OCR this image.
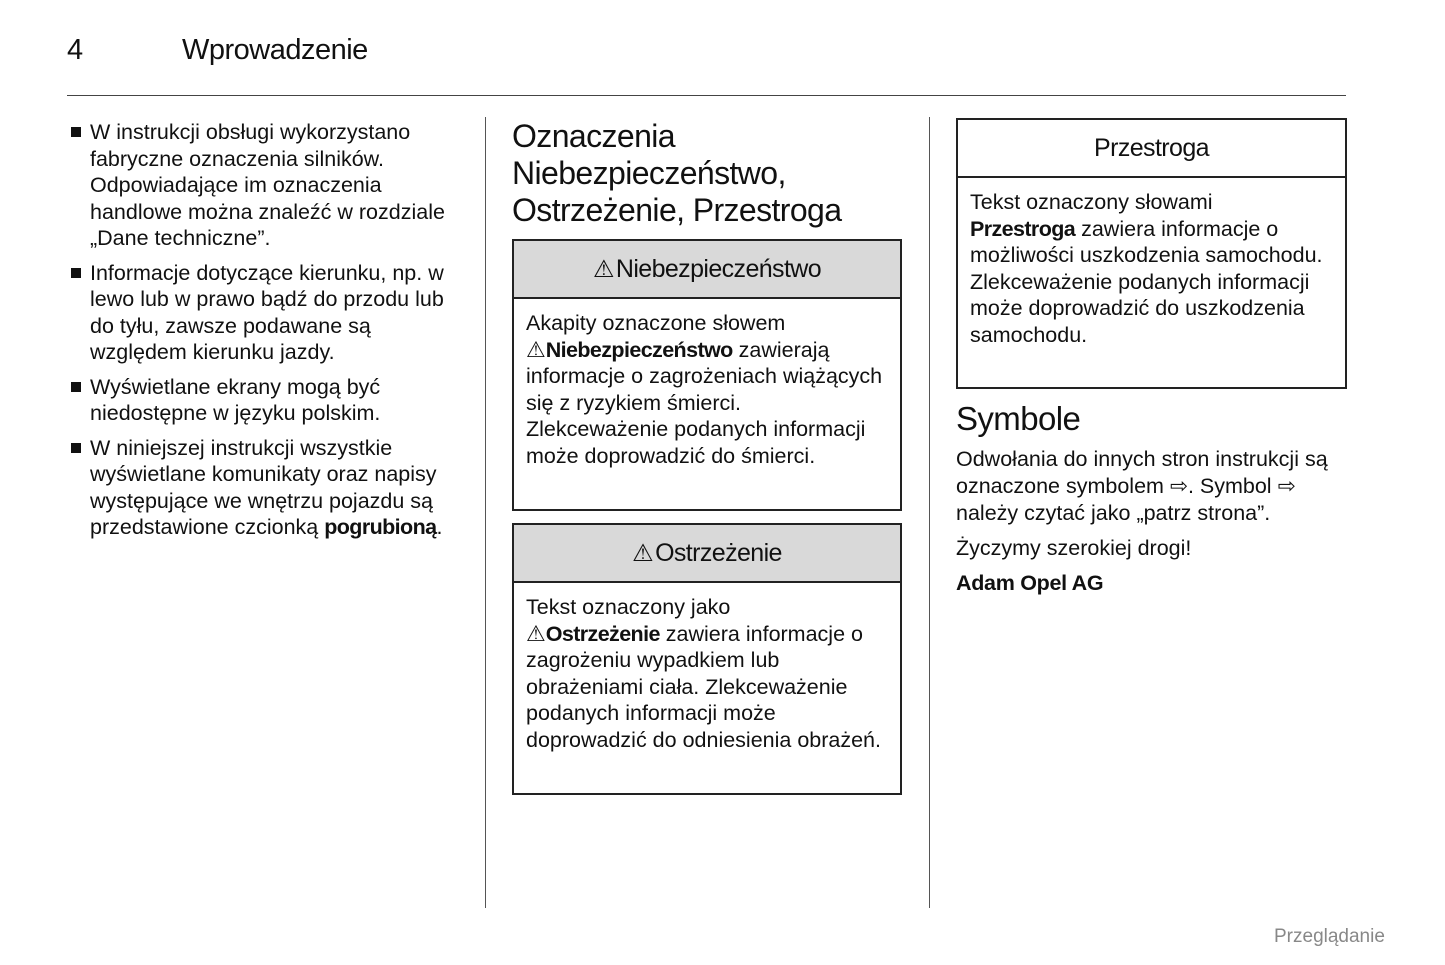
4	Wprowadzenie
W instrukcji obsługi wykorzystano fabryczne oznaczenia silników. Odpowiadające im oznaczenia handlowe można znaleźć w rozdziale „Dane techniczne”.
Informacje dotyczące kierunku, np. w lewo lub w prawo bądź do przodu lub do tyłu, zawsze podawane są względem kierunku jazdy.
Wyświetlane ekrany mogą być niedostępne w języku polskim.
W niniejszej instrukcji wszystkie wyświetlane komunikaty oraz napisy występujące we wnętrzu pojazdu są przedstawione czcionką pogrubioną.
Oznaczenia Niebezpieczeństwo, Ostrzeżenie, Przestroga
⚠ Niebezpieczeństwo
Akapity oznaczone słowem
⚠Niebezpieczeństwo zawierają informacje o zagrożeniach wiążących się z ryzykiem śmierci. Zlekceważenie podanych informacji może doprowadzić do śmierci.
⚠ Ostrzeżenie
Tekst oznaczony jako
⚠Ostrzeżenie zawiera informacje o zagrożeniu wypadkiem lub obrażeniami ciała. Zlekceważenie podanych informacji może doprowadzić do odniesienia obrażeń.
Przestroga
Tekst oznaczony słowami
Przestroga zawiera informacje o możliwości uszkodzenia samochodu. Zlekceważenie podanych informacji może doprowadzić do uszkodzenia samochodu.
Symbole

Odwołania do innych stron instrukcji są oznaczone symbolem ⇨. Symbol ⇨ należy czytać jako „patrz strona”.

Życzymy szerokiej drogi!

Adam Opel AG

Przeglądanie
